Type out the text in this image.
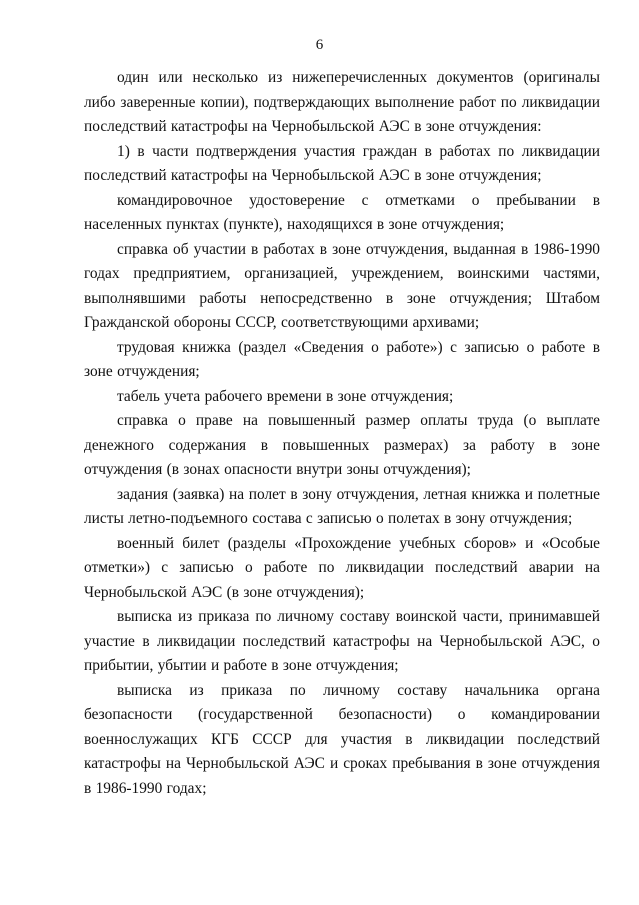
6

один или несколько из нижеперечисленных документов (оригиналы либо заверенные копии), подтверждающих выполнение работ по ликвидации последствий катастрофы на Чернобыльской АЭС в зоне отчуждения:

1) в части подтверждения участия граждан в работах по ликвидации последствий катастрофы на Чернобыльской АЭС в зоне отчуждения;

командировочное удостоверение с отметками о пребывании в населенных пунктах (пункте), находящихся в зоне отчуждения;

справка об участии в работах в зоне отчуждения, выданная в 1986-1990 годах предприятием, организацией, учреждением, воинскими частями, выполнявшими работы непосредственно в зоне отчуждения; Штабом Гражданской обороны СССР, соответствующими архивами;

трудовая книжка (раздел «Сведения о работе») с записью о работе в зоне отчуждения;

табель учета рабочего времени в зоне отчуждения;

справка о праве на повышенный размер оплаты труда (о выплате денежного содержания в повышенных размерах) за работу в зоне отчуждения (в зонах опасности внутри зоны отчуждения);

задания (заявка) на полет в зону отчуждения, летная книжка и полетные листы летно-подъемного состава с записью о полетах в зону отчуждения;

военный билет (разделы «Прохождение учебных сборов» и «Особые отметки») с записью о работе по ликвидации последствий аварии на Чернобыльской АЭС (в зоне отчуждения);

выписка из приказа по личному составу воинской части, принимавшей участие в ликвидации последствий катастрофы на Чернобыльской АЭС, о прибытии, убытии и работе в зоне отчуждения;

выписка из приказа по личному составу начальника органа безопасности (государственной безопасности) о командировании военнослужащих КГБ СССР для участия в ликвидации последствий катастрофы на Чернобыльской АЭС и сроках пребывания в зоне отчуждения в 1986-1990 годах;
